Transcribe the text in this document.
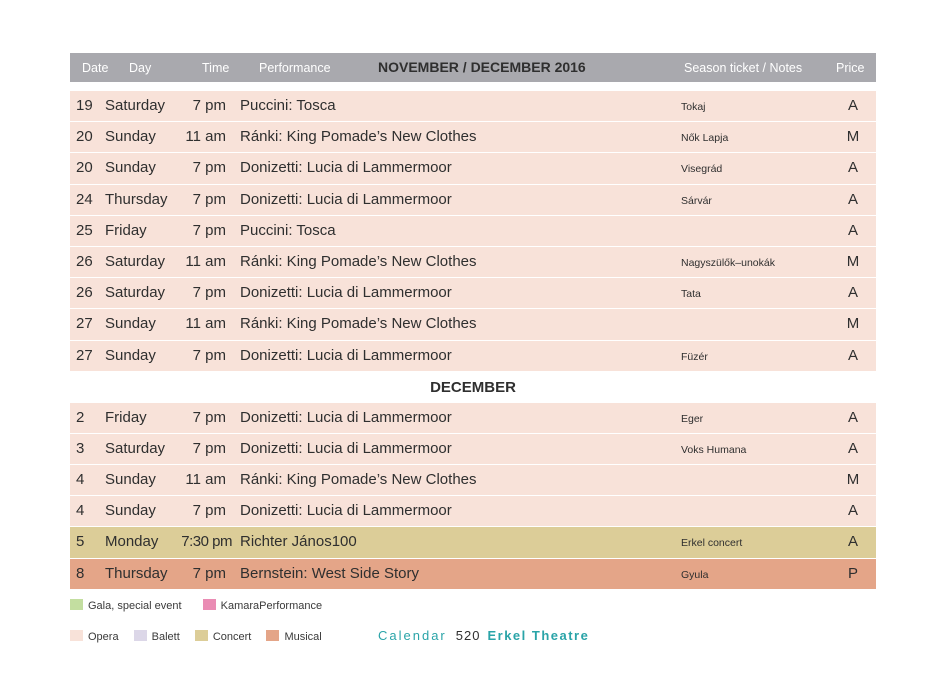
Date Day	Time Performance	NOVEMBER / DECEMBER 2016	Season ticket / Notes	Price
19 Saturday	7 pm Puccini: Tosca	Tokaj	A
20 Sunday 11 am Ránki: King Pomade’s New Clothes	Nők Lapja	M
20 Sunday	7 pm Donizetti: Lucia di Lammermoor	Visegrád	A
24 Thursday	7 pm Donizetti: Lucia di Lammermoor	Sárvár	A
25 Friday	7 pm Puccini: Tosca	A
26 Saturday 11 am Ránki: King Pomade’s New Clothes	Nagyszülők–unokák	M
26 Saturday	7 pm Donizetti: Lucia di Lammermoor	Tata	A
27 Sunday 11 am Ránki: King Pomade’s New Clothes	M
27 Sunday	7 pm Donizetti: Lucia di Lammermoor	Füzér	A
DECEMBER
2 Friday	7 pm Donizetti: Lucia di Lammermoor	Eger	A
3 Saturday	7 pm Donizetti: Lucia di Lammermoor	Voks Humana	A
4 Sunday 11 am Ránki: King Pomade’s New Clothes	M
4 Sunday	7 pm Donizetti: Lucia di Lammermoor	A
5 Monday	7:30 pm Richter János100	Erkel concert	A
8 Thursday	7 pm Bernstein: West Side Story	Gyula	P
Gala, special event	KamaraPerformance
Opera	Balett	Concert	Musical	Calendar 520 Erkel Theatre
